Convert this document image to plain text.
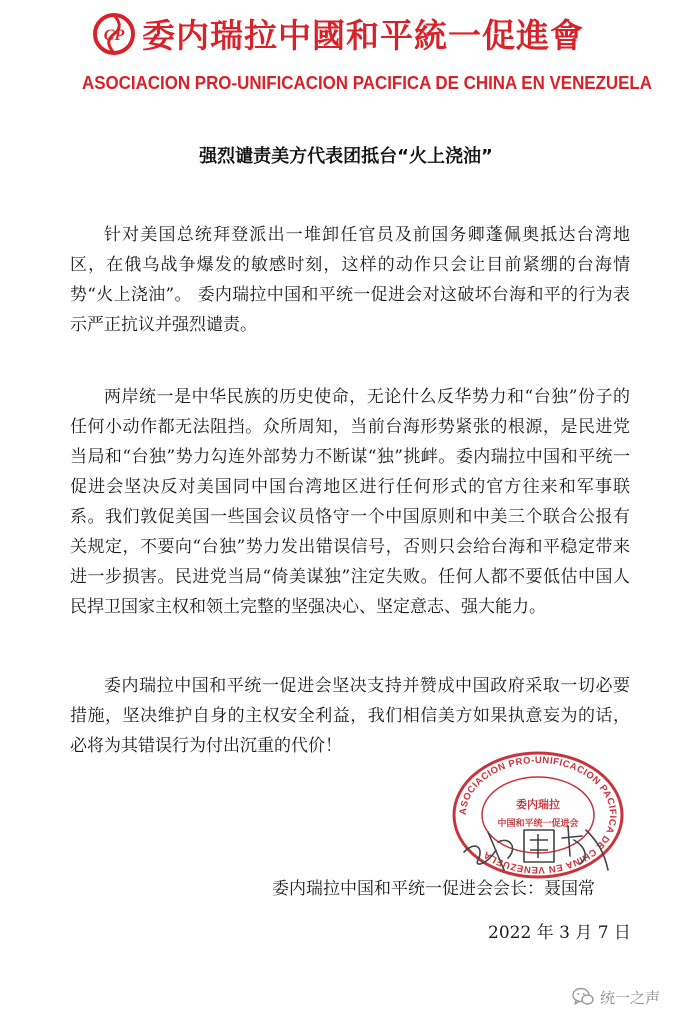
CP 委内瑞拉中國和平統一促進會
ASOCIACION PRO-UNIFICACION PACIFICA DE CHINA EN VENEZUELA
强烈谴责美方代表团抵台“火上浇油”

针对美国总统拜登派出一堆卸任官员及前国务卿蓬佩奥抵达台湾地区，在俄乌战争爆发的敏感时刻，这样的动作只会让目前紧绷的台海情势“火上浇油”。 委内瑞拉中国和平统一促进会对这破坏台海和平的行为表示严正抗议并强烈谴责。

两岸统一是中华民族的历史使命，无论什么反华势力和“台独”份子的任何小动作都无法阻挡。众所周知，当前台海形势紧张的根源，是民进党当局和“台独”势力勾连外部势力不断谋“独”挑衅。委内瑞拉中国和平统一促进会坚决反对美国同中国台湾地区进行任何形式的官方往来和军事联系。我们敦促美国一些国会议员恪守一个中国原则和中美三个联合公报有关规定，不要向“台独”势力发出错误信号，否则只会给台海和平稳定带来进一步损害。民进党当局“倚美谋独”注定失败。任何人都不要低估中国人民捍卫国家主权和领土完整的坚强决心、坚定意志、强大能力。

委内瑞拉中国和平统一促进会坚决支持并赞成中国政府采取一切必要措施，坚决维护自身的主权安全利益，我们相信美方如果执意妄为的话，必将为其错误行为付出沉重的代价！

ASOCIACION PRO-UNIFICACION PACIFICA DE CHINA EN VENEZUELA
委内瑞拉
中国和平统一促进会
委内瑞拉中国和平统一促进会会长：聂国常
2022 年 3 月 7 日
统一之声
